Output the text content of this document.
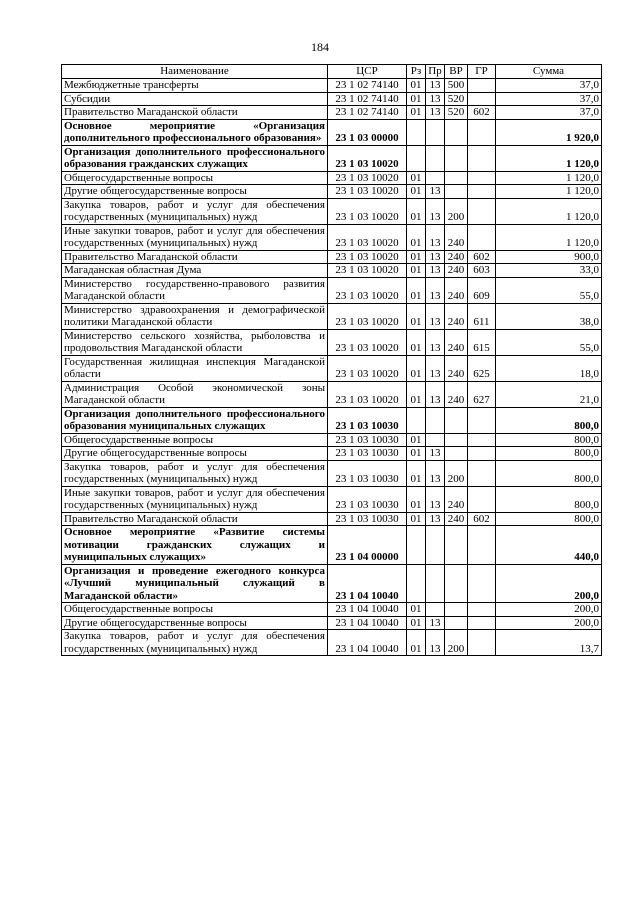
184
Наименование	ЦСР	Рз	Пр	ВР	ГР	Сумма
Межбюджетные трансферты	23 1 02 74140	01	13	500		37,0
Субсидии	23 1 02 74140	01	13	520		37,0
Правительство Магаданской области	23 1 02 74140	01	13	520	602	37,0
Основное мероприятие «Организация дополнительного профессионального образования»	23 1 03 00000					1 920,0
Организация дополнительного профессионального образования гражданских служащих	23 1 03 10020					1 120,0
Общегосударственные вопросы	23 1 03 10020	01				1 120,0
Другие общегосударственные вопросы	23 1 03 10020	01	13			1 120,0
Закупка товаров, работ и услуг для обеспечения государственных (муниципальных) нужд	23 1 03 10020	01	13	200		1 120,0
Иные закупки товаров, работ и услуг для обеспечения государственных (муниципальных) нужд	23 1 03 10020	01	13	240		1 120,0
Правительство Магаданской области	23 1 03 10020	01	13	240	602	900,0
Магаданская областная Дума	23 1 03 10020	01	13	240	603	33,0
Министерство государственно-правового развития Магаданской области	23 1 03 10020	01	13	240	609	55,0
Министерство здравоохранения и демографической политики Магаданской области	23 1 03 10020	01	13	240	611	38,0
Министерство сельского хозяйства, рыболовства и продовольствия Магаданской области	23 1 03 10020	01	13	240	615	55,0
Государственная жилищная инспекция Магаданской области	23 1 03 10020	01	13	240	625	18,0
Администрация Особой экономической зоны Магаданской области	23 1 03 10020	01	13	240	627	21,0
Организация дополнительного профессионального образования муниципальных служащих	23 1 03 10030					800,0
Общегосударственные вопросы	23 1 03 10030	01				800,0
Другие общегосударственные вопросы	23 1 03 10030	01	13			800,0
Закупка товаров, работ и услуг для обеспечения государственных (муниципальных) нужд	23 1 03 10030	01	13	200		800,0
Иные закупки товаров, работ и услуг для обеспечения государственных (муниципальных) нужд	23 1 03 10030	01	13	240		800,0
Правительство Магаданской области	23 1 03 10030	01	13	240	602	800,0
Основное мероприятие «Развитие системы мотивации гражданских служащих и муниципальных служащих»	23 1 04 00000					440,0
Организация и проведение ежегодного конкурса «Лучший муниципальный служащий в Магаданской области»	23 1 04 10040					200,0
Общегосударственные вопросы	23 1 04 10040	01				200,0
Другие общегосударственные вопросы	23 1 04 10040	01	13			200,0
Закупка товаров, работ и услуг для обеспечения государственных (муниципальных) нужд	23 1 04 10040	01	13	200		13,7
